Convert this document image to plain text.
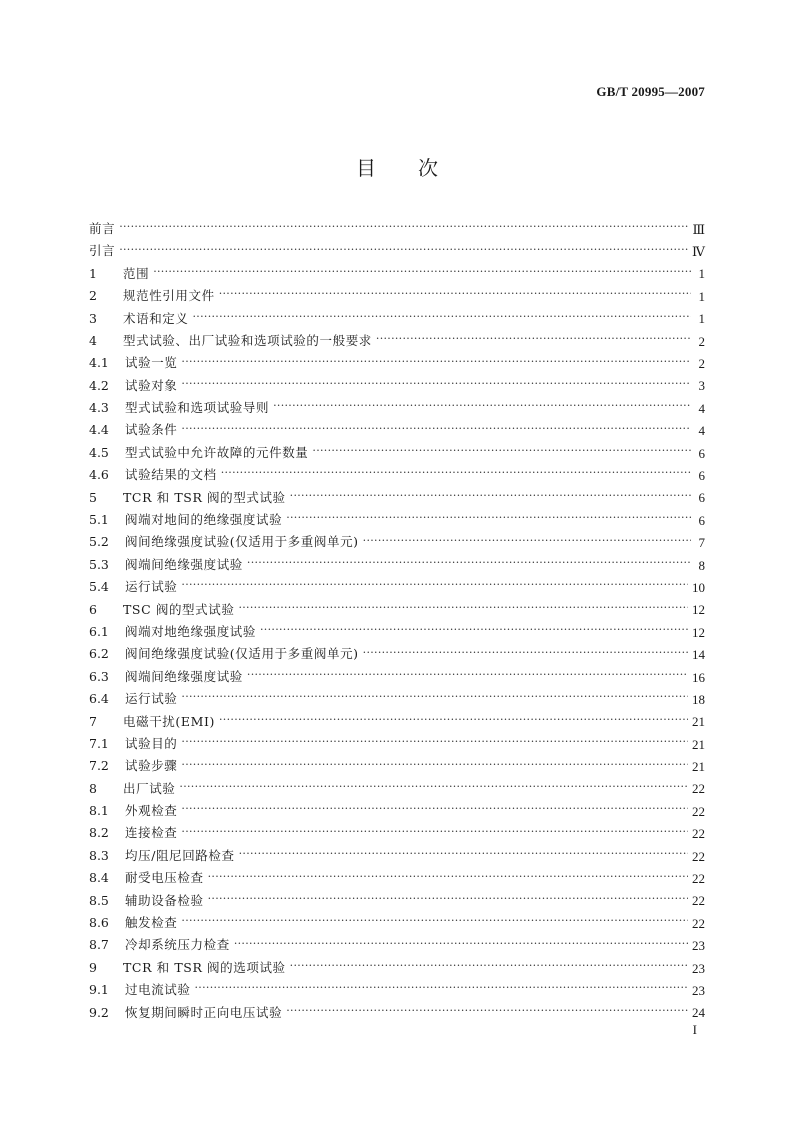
GB/T 20995—2007
目 次
前言 ·····	Ⅲ
引言 ·····	Ⅳ
1	范围 ·····	1
2	规范性引用文件 ·····	1
3	术语和定义 ·····	1
4	型式试验、出厂试验和选项试验的一般要求 ·····	2
4.1	试验一览 ·····	2
4.2	试验对象 ·····	3
4.3	型式试验和选项试验导则 ·····	4
4.4	试验条件 ·····	4
4.5	型式试验中允许故障的元件数量 ·····	6
4.6	试验结果的文档 ·····	6
5	TCR 和 TSR 阀的型式试验 ·····	6
5.1	阀端对地间的绝缘强度试验 ·····	6
5.2	阀间绝缘强度试验(仅适用于多重阀单元) ·····	7
5.3	阀端间绝缘强度试验 ·····	8
5.4	运行试验 ·····	10
6	TSC 阀的型式试验 ·····	12
6.1	阀端对地绝缘强度试验 ·····	12
6.2	阀间绝缘强度试验(仅适用于多重阀单元) ·····	14
6.3	阀端间绝缘强度试验 ·····	16
6.4	运行试验 ·····	18
7	电磁干扰(EMI) ·····	21
7.1	试验目的 ·····	21
7.2	试验步骤 ·····	21
8	出厂试验 ·····	22
8.1	外观检查 ·····	22
8.2	连接检查 ·····	22
8.3	均压/阻尼回路检查 ·····	22
8.4	耐受电压检查 ·····	22
8.5	辅助设备检验 ·····	22
8.6	触发检查 ·····	22
8.7	冷却系统压力检查 ·····	23
9	TCR 和 TSR 阀的选项试验 ·····	23
9.1	过电流试验 ·····	23
9.2	恢复期间瞬时正向电压试验 ·····	24
I
